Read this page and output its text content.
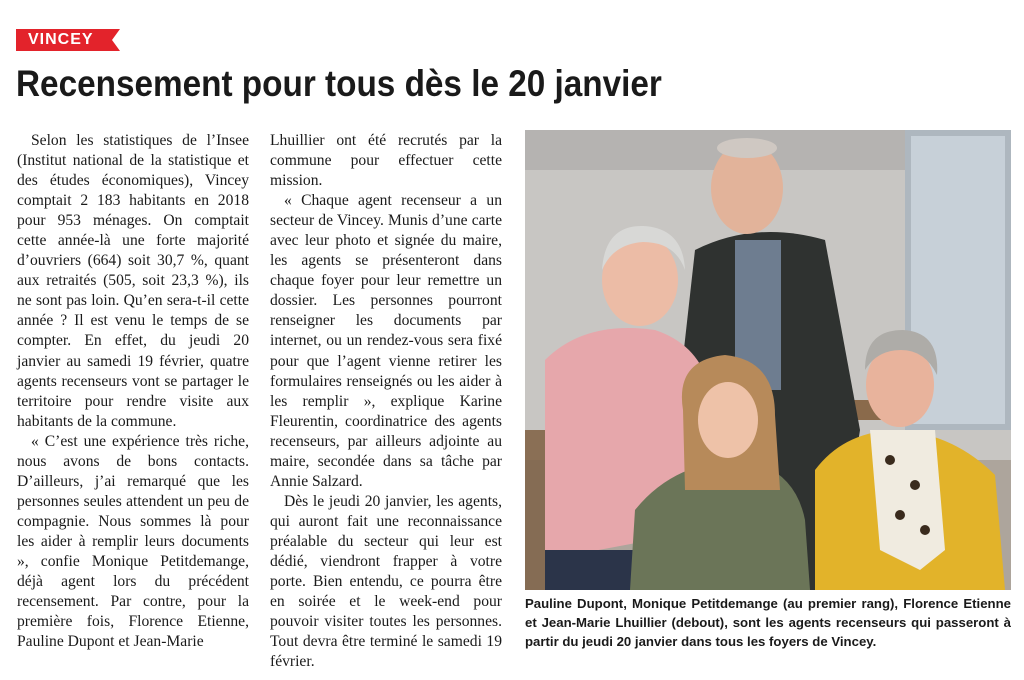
VINCEY
Recensement pour tous dès le 20 janvier

Selon les statistiques de l’Insee (Institut national de la statistique et des études économiques), Vincey comptait 2 183 habitants en 2018 pour 953 ménages. On comptait cette année-là une forte majorité d’ouvriers (664) soit 30,7 %, quant aux retraités (505, soit 23,3 %), ils ne sont pas loin. Qu’en sera-t-il cette année ? Il est venu le temps de se compter. En effet, du jeudi 20 janvier au samedi 19 février, quatre agents recenseurs vont se partager le territoire pour rendre visite aux habitants de la commune.

« C’est une expérience très riche, nous avons de bons contacts. D’ailleurs, j’ai remarqué que les personnes seules attendent un peu de compagnie. Nous sommes là pour les aider à remplir leurs documents », confie Monique Petitdemange, déjà agent lors du précédent recensement. Par contre, pour la première fois, Florence Etienne, Pauline Dupont et Jean-Marie

Lhuillier ont été recrutés par la commune pour effectuer cette mission.

« Chaque agent recenseur a un secteur de Vincey. Munis d’une carte avec leur photo et signée du maire, les agents se présenteront dans chaque foyer pour leur remettre un dossier. Les personnes pourront renseigner les documents par internet, ou un rendez-vous sera fixé pour que l’agent vienne retirer les formulaires renseignés ou les aider à les remplir », explique Karine Fleurentin, coordinatrice des agents recenseurs, par ailleurs adjointe au maire, secondée dans sa tâche par Annie Salzard.

Dès le jeudi 20 janvier, les agents, qui auront fait une reconnaissance préalable du secteur qui leur est dédié, viendront frapper à votre porte. Bien entendu, ce pourra être en soirée et le week-end pour pouvoir visiter toutes les personnes. Tout devra être terminé le samedi 19 février.

Pauline Dupont, Monique Petitdemange (au premier rang), Florence Etienne et Jean-Marie Lhuillier (debout), sont les agents recenseurs qui passeront à partir du jeudi 20 janvier dans tous les foyers de Vincey.
